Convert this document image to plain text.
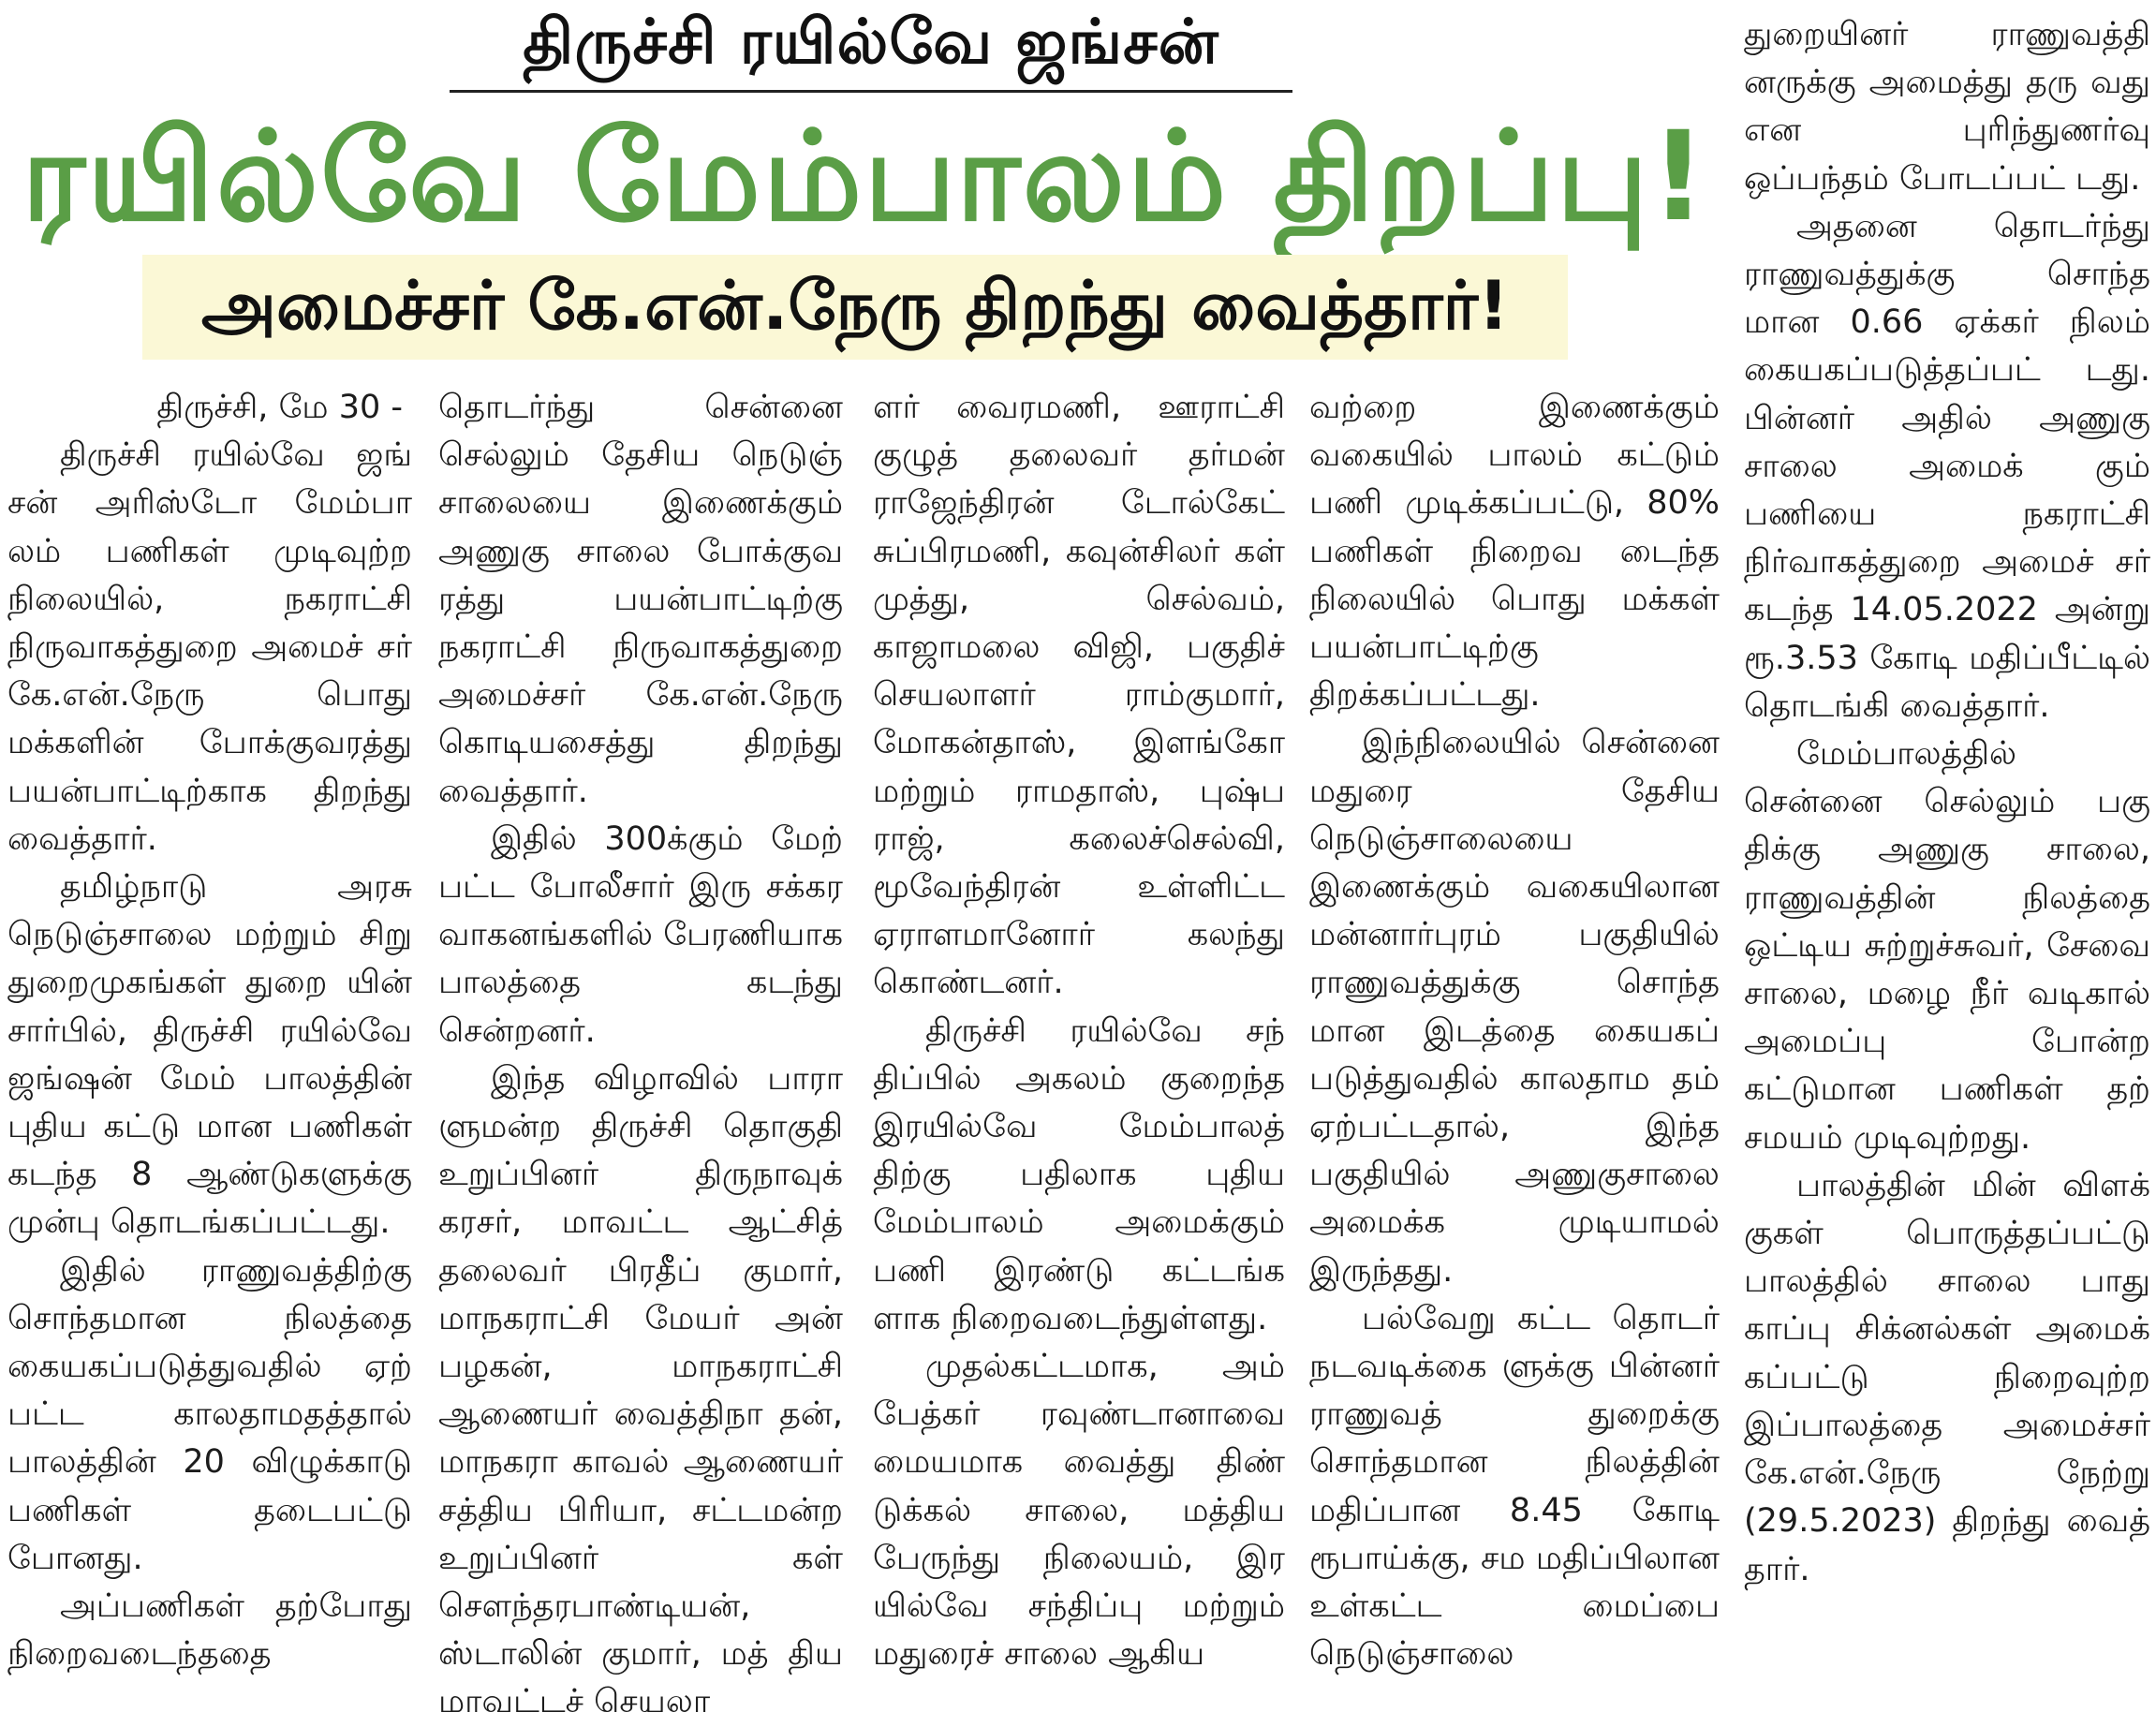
திருச்சி ரயில்வே ஜங்சன்
ரயில்வே மேம்பாலம் திறப்பு!
அமைச்சர் கே.என்.நேரு திறந்து வைத்தார்!

திருச்சி, மே 30 -

திருச்சி ரயில்வே ஜங் சன் அரிஸ்டோ மேம்பா லம் பணிகள் முடிவுற்ற நிலையில், நகராட்சி நிருவாகத்துறை அமைச் சர் கே.என்.நேரு பொது மக்களின் போக்குவரத்து பயன்பாட்டிற்காக திறந்து வைத்தார்.

தமிழ்நாடு அரசு நெடுஞ்சாலை மற்றும் சிறு துறைமுகங்கள் துறை யின் சார்பில், திருச்சி ரயில்வே ஜங்ஷன் மேம் பாலத்தின் புதிய கட்டு மான பணிகள் கடந்த 8 ஆண்டுகளுக்கு முன்பு தொடங்கப்பட்டது.

இதில் ராணுவத்திற்கு சொந்தமான நிலத்தை கையகப்படுத்துவதில் ஏற் பட்ட காலதாமதத்தால் பாலத்தின் 20 விழுக்காடு பணிகள் தடைபட்டு போனது.

அப்பணிகள் தற்போது நிறைவடைந்ததை

தொடர்ந்து சென்னை செல்லும் தேசிய நெடுஞ் சாலையை இணைக்கும் அணுகு சாலை போக்குவ ரத்து பயன்பாட்டிற்கு நகராட்சி நிருவாகத்துறை அமைச்சர் கே.என்.நேரு கொடியசைத்து திறந்து வைத்தார்.

இதில் 300க்கும் மேற் பட்ட போலீசார் இரு சக்கர வாகனங்களில் பேரணியாக பாலத்தை கடந்து சென்றனர்.

இந்த விழாவில் பாரா ளுமன்ற திருச்சி தொகுதி உறுப்பினர் திருநாவுக் கரசர், மாவட்ட ஆட்சித் தலைவர் பிரதீப் குமார், மாநகராட்சி மேயர் அன் பழகன், மாநகராட்சி ஆணையர் வைத்திநா தன், மாநகரா காவல் ஆணையர் சத்திய பிரியா, சட்டமன்ற உறுப்பினர் கள் சௌந்தரபாண்டியன், ஸ்டாலின் குமார், மத் திய மாவட்டச் செயலா

ளர் வைரமணி, ஊராட்சி குழுத் தலைவர் தர்மன் ராஜேந்திரன் டோல்கேட் சுப்பிரமணி, கவுன்சிலர் கள் முத்து, செல்வம், காஜாமலை விஜி, பகுதிச் செயலாளர் ராம்குமார், மோகன்தாஸ், இளங்கோ மற்றும் ராமதாஸ், புஷ்ப ராஜ், கலைச்செல்வி, மூவேந்திரன் உள்ளிட்ட ஏராளமானோர் கலந்து கொண்டனர்.

திருச்சி ரயில்வே சந் திப்பில் அகலம் குறைந்த இரயில்வே மேம்பாலத் திற்கு பதிலாக புதிய மேம்பாலம் அமைக்கும் பணி இரண்டு கட்டங்க ளாக நிறைவடைந்துள்ளது.

முதல்கட்டமாக, அம் பேத்கர் ரவுண்டானாவை மையமாக வைத்து திண் டுக்கல் சாலை, மத்திய பேருந்து நிலையம், இர யில்வே சந்திப்பு மற்றும் மதுரைச் சாலை ஆகிய

வற்றை இணைக்கும் வகையில் பாலம் கட்டும் பணி முடிக்கப்பட்டு, 80% பணிகள் நிறைவ டைந்த நிலையில் பொது மக்கள் பயன்பாட்டிற்கு திறக்கப்பட்டது.

இந்நிலையில் சென்னை மதுரை தேசிய நெடுஞ்சாலையை இணைக்கும் வகையிலான மன்னார்புரம் பகுதியில் ராணுவத்துக்கு சொந்த மான இடத்தை கையகப் படுத்துவதில் காலதாம தம் ஏற்பட்டதால், இந்த பகுதியில் அணுகுசாலை அமைக்க முடியாமல் இருந்தது.

பல்வேறு கட்ட தொடர் நடவடிக்கை ளுக்கு பின்னர் ராணுவத் துறைக்கு சொந்தமான நிலத்தின் மதிப்பான 8.45 கோடி ரூபாய்க்கு, சம மதிப்பிலான உள்கட்ட மைப்பை நெடுஞ்சாலை

துறையினர் ராணுவத்தி னருக்கு அமைத்து தரு வது என புரிந்துணர்வு ஒப்பந்தம் போடப்பட் டது.

அதனை தொடர்ந்து ராணுவத்துக்கு சொந்த மான 0.66 ஏக்கர் நிலம் கையகப்படுத்தப்பட் டது. பின்னர் அதில் அணுகு சாலை அமைக் கும் பணியை நகராட்சி நிர்வாகத்துறை அமைச் சர் கடந்த 14.05.2022 அன்று ரூ.3.53 கோடி மதிப்பீட்டில் தொடங்கி வைத்தார்.

மேம்பாலத்தில் சென்னை செல்லும் பகு திக்கு அணுகு சாலை, ராணுவத்தின் நிலத்தை ஒட்டிய சுற்றுச்சுவர், சேவை சாலை, மழை நீர் வடிகால் அமைப்பு போன்ற கட்டுமான பணிகள் தற் சமயம் முடிவுற்றது.

பாலத்தின் மின் விளக் குகள் பொருத்தப்பட்டு பாலத்தில் சாலை பாது காப்பு சிக்னல்கள் அமைக் கப்பட்டு நிறைவுற்ற இப்பாலத்தை அமைச்சர் கே.என்.நேரு நேற்று (29.5.2023) திறந்து வைத் தார்.
